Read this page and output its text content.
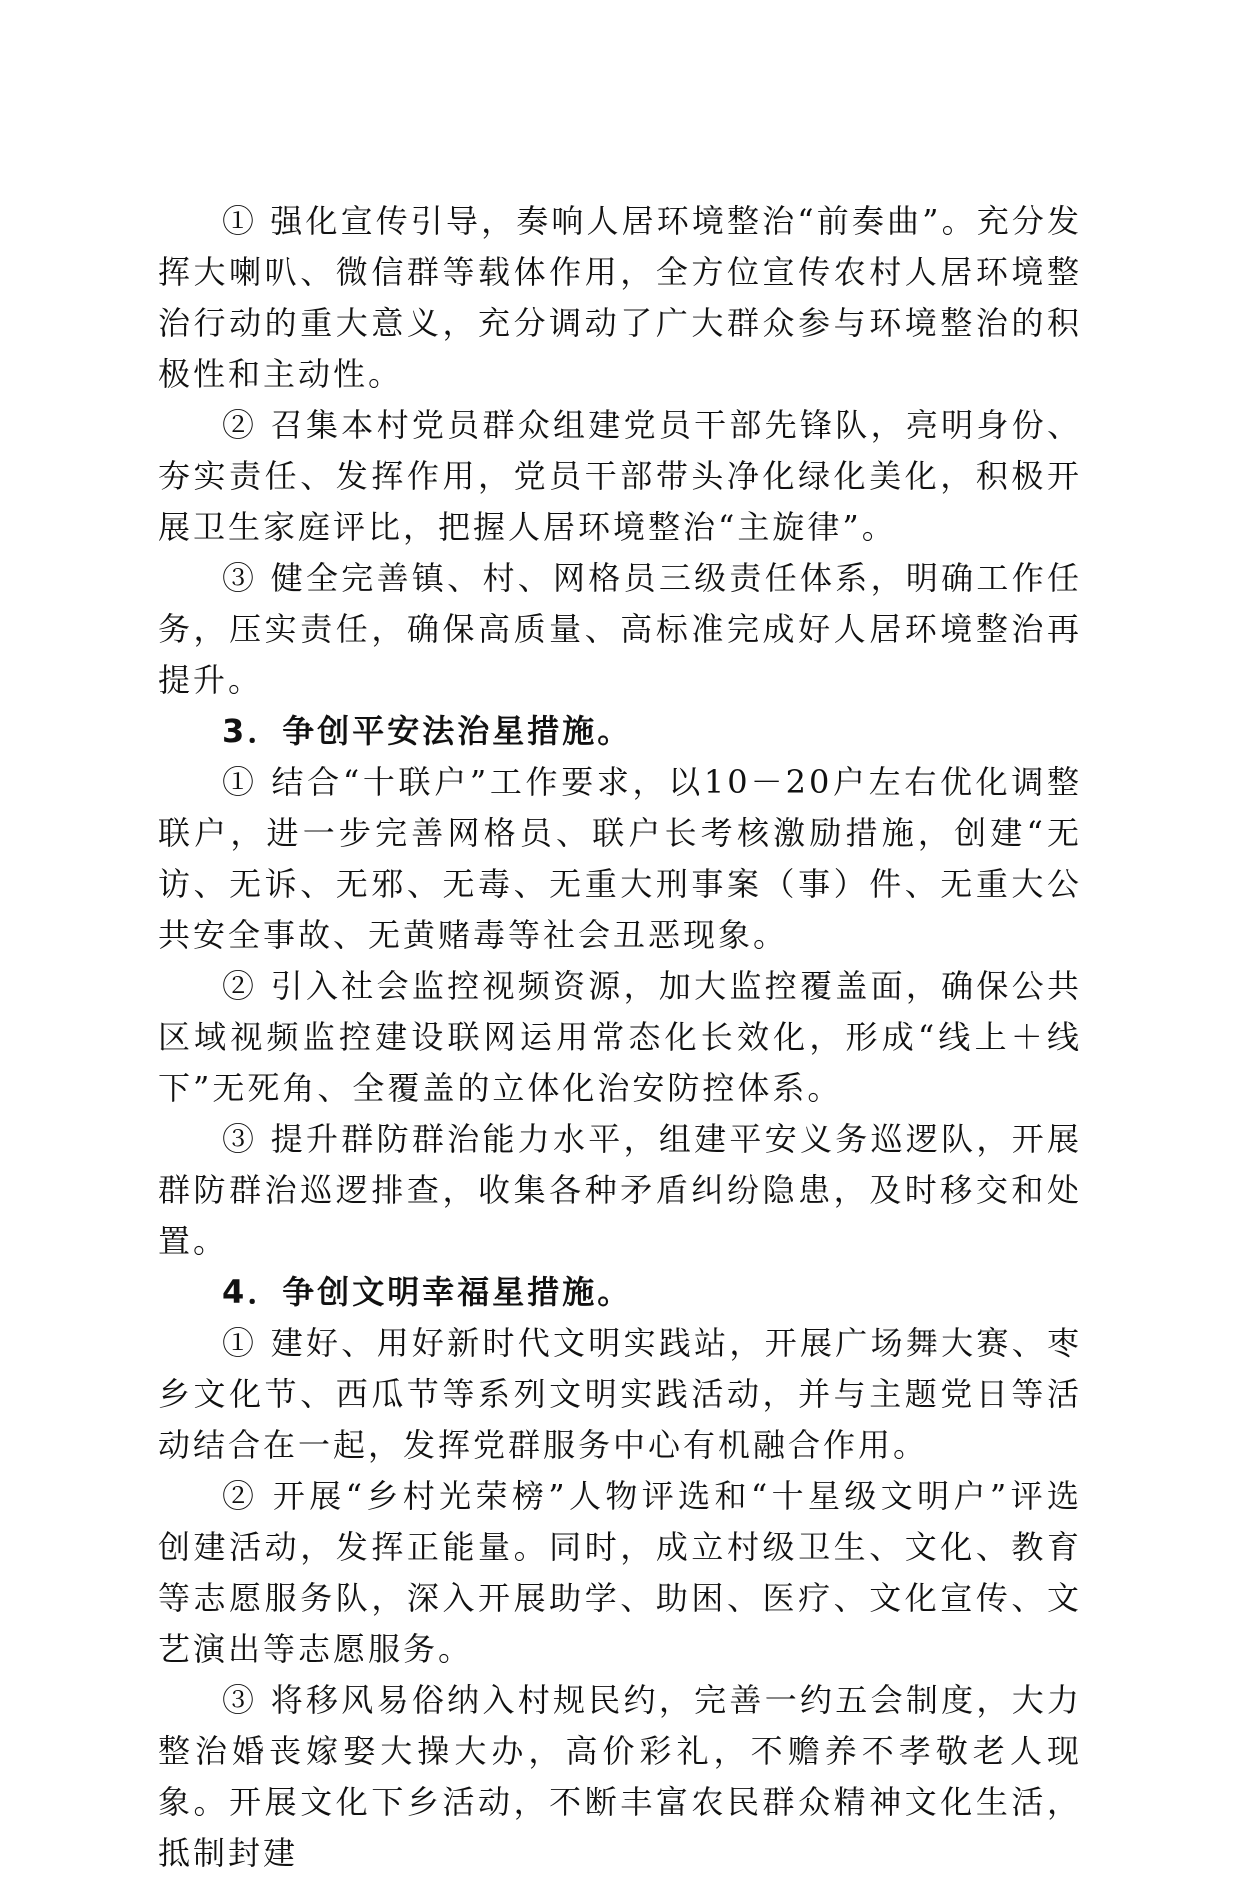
① 强化宣传引导，奏响人居环境整治“前奏曲”。充分发挥大喇叭、微信群等载体作用，全方位宣传农村人居环境整治行动的重大意义，充分调动了广大群众参与环境整治的积极性和主动性。

② 召集本村党员群众组建党员干部先锋队，亮明身份、夯实责任、发挥作用，党员干部带头净化绿化美化，积极开展卫生家庭评比，把握人居环境整治“主旋律”。

③ 健全完善镇、村、网格员三级责任体系，明确工作任务，压实责任，确保高质量、高标准完成好人居环境整治再提升。

3．争创平安法治星措施。

① 结合“十联户”工作要求，以10－20户左右优化调整联户，进一步完善网格员、联户长考核激励措施，创建“无访、无诉、无邪、无毒、无重大刑事案（事）件、无重大公共安全事故、无黄赌毒等社会丑恶现象。

② 引入社会监控视频资源，加大监控覆盖面，确保公共区域视频监控建设联网运用常态化长效化，形成“线上＋线下”无死角、全覆盖的立体化治安防控体系。

③ 提升群防群治能力水平，组建平安义务巡逻队，开展群防群治巡逻排查，收集各种矛盾纠纷隐患，及时移交和处置。

4．争创文明幸福星措施。

① 建好、用好新时代文明实践站，开展广场舞大赛、枣乡文化节、西瓜节等系列文明实践活动，并与主题党日等活动结合在一起，发挥党群服务中心有机融合作用。

② 开展“乡村光荣榜”人物评选和“十星级文明户”评选创建活动，发挥正能量。同时，成立村级卫生、文化、教育等志愿服务队，深入开展助学、助困、医疗、文化宣传、文艺演出等志愿服务。

③ 将移风易俗纳入村规民约，完善一约五会制度，大力整治婚丧嫁娶大操大办，高价彩礼，不赡养不孝敬老人现象。开展文化下乡活动，不断丰富农民群众精神文化生活，抵制封建
